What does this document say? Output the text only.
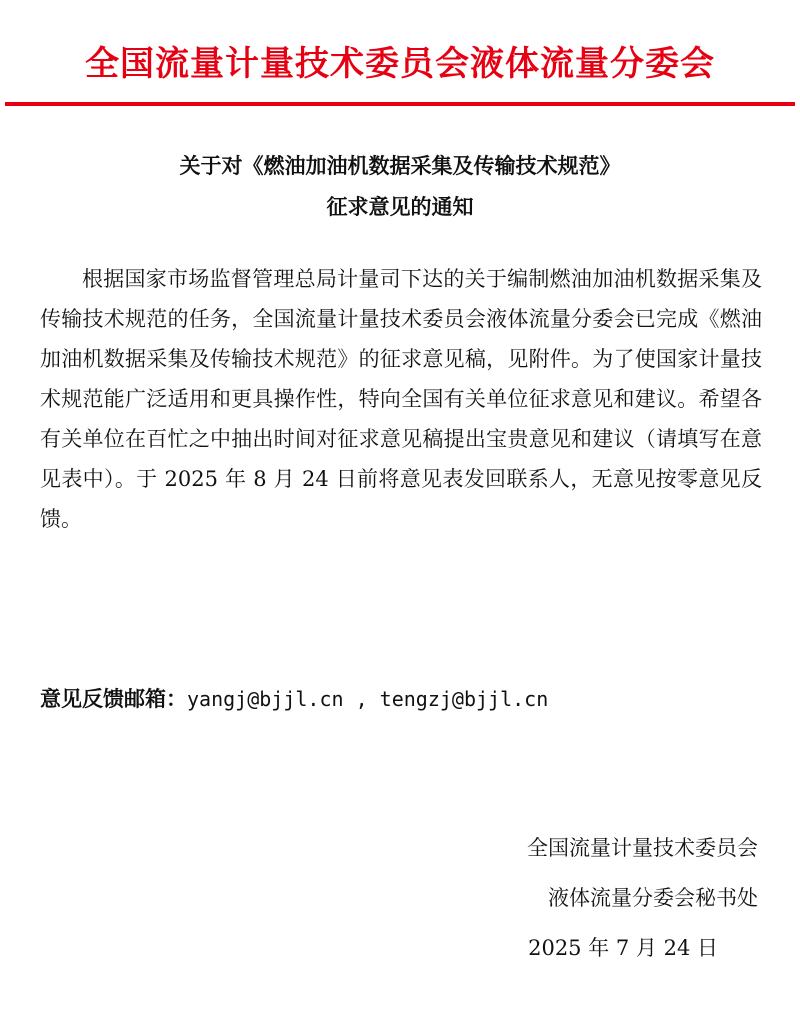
全国流量计量技术委员会液体流量分委会
关于对《燃油加油机数据采集及传输技术规范》
征求意见的通知
根据国家市场监督管理总局计量司下达的关于编制燃油加油机数据采集及传输技术规范的任务，全国流量计量技术委员会液体流量分委会已完成《燃油加油机数据采集及传输技术规范》的征求意见稿，见附件。为了使国家计量技术规范能广泛适用和更具操作性，特向全国有关单位征求意见和建议。希望各有关单位在百忙之中抽出时间对征求意见稿提出宝贵意见和建议（请填写在意见表中）。于 2025 年 8 月 24 日前将意见表发回联系人，无意见按零意见反馈。
意见反馈邮箱：yangj@bjjl.cn , tengzj@bjjl.cn
全国流量计量技术委员会
液体流量分委会秘书处
2025 年 7 月 24 日
